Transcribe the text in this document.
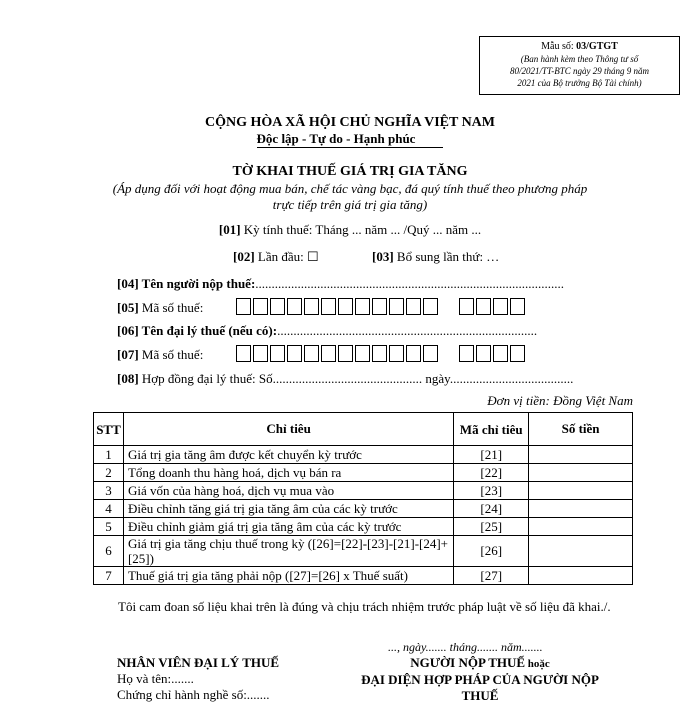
Mẫu số: 03/GTGT
(Ban hành kèm theo Thông tư số
80/2021/TT-BTC ngày 29 tháng 9 năm
2021 của Bộ trưởng Bộ Tài chính)
CỘNG HÒA XÃ HỘI CHỦ NGHĨA VIỆT NAM
Độc lập - Tự do - Hạnh phúc
TỜ KHAI THUẾ GIÁ TRỊ GIA TĂNG
(Áp dụng đối với hoạt động mua bán, chế tác vàng bạc, đá quý tính thuế theo phương pháp
trực tiếp trên giá trị gia tăng)
[01] Kỳ tính thuế: Tháng ... năm ... /Quý ... năm ...
[02] Lần đầu: ☐	[03] Bổ sung lần thứ: …
[04] Tên người nộp thuế:...............................................................................................
[05] Mã số thuế:
[06] Tên đại lý thuế (nếu có):................................................................................
[07] Mã số thuế:
[08] Hợp đồng đại lý thuế: Số.............................................. ngày......................................
Đơn vị tiền: Đồng Việt Nam
STT	Chỉ tiêu	Mã chỉ tiêu	Số tiền
1	Giá trị gia tăng âm được kết chuyển kỳ trước	[21]	
2	Tổng doanh thu hàng hoá, dịch vụ bán ra	[22]	
3	Giá vốn của hàng hoá, dịch vụ mua vào	[23]	
4	Điều chỉnh tăng giá trị gia tăng âm của các kỳ trước	[24]	
5	Điều chỉnh giảm giá trị gia tăng âm của các kỳ trước	[25]	
6	Giá trị gia tăng chịu thuế trong kỳ ([26]=[22]-[23]-[21]-[24]+[25])	[26]	
7	Thuế giá trị gia tăng phải nộp ([27]=[26] x Thuế suất)	[27]	
Tôi cam đoan số liệu khai trên là đúng và chịu trách nhiệm trước pháp luật về số liệu đã khai./.
..., ngày....... tháng....... năm.......
NHÂN VIÊN ĐẠI LÝ THUẾ
Họ và tên:.......
Chứng chỉ hành nghề số:.......
NGƯỜI NỘP THUẾ hoặc
ĐẠI DIỆN HỢP PHÁP CỦA NGƯỜI NỘP
THUẾ
